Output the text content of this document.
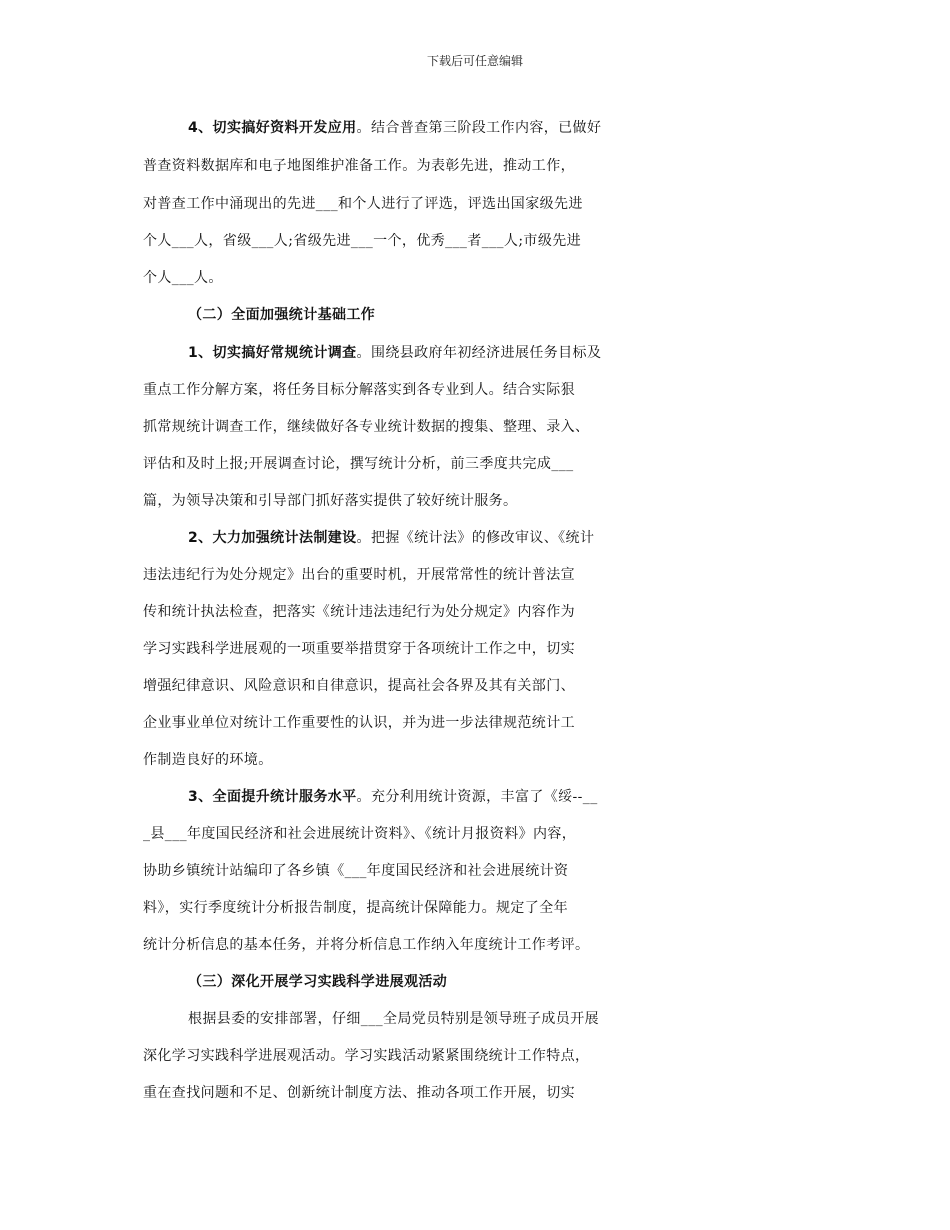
下载后可任意编辑
4、切实搞好资料开发应用。结合普查第三阶段工作内容，已做好
普查资料数据库和电子地图维护准备工作。为表彰先进，推动工作，
对普查工作中涌现出的先进___和个人进行了评选，评选出国家级先进
个人___人，省级___人;省级先进___一个，优秀___者___人;市级先进
个人___人。
（二）全面加强统计基础工作
1、切实搞好常规统计调查。围绕县政府年初经济进展任务目标及
重点工作分解方案，将任务目标分解落实到各专业到人。结合实际狠
抓常规统计调查工作，继续做好各专业统计数据的搜集、整理、录入、
评估和及时上报;开展调查讨论，撰写统计分析，前三季度共完成___
篇，为领导决策和引导部门抓好落实提供了较好统计服务。
2、大力加强统计法制建设。把握《统计法》的修改审议、《统计
违法违纪行为处分规定》出台的重要时机，开展常常性的统计普法宣
传和统计执法检查，把落实《统计违法违纪行为处分规定》内容作为
学习实践科学进展观的一项重要举措贯穿于各项统计工作之中，切实
增强纪律意识、风险意识和自律意识，提高社会各界及其有关部门、
企业事业单位对统计工作重要性的认识，并为进一步法律规范统计工
作制造良好的环境。
3、全面提升统计服务水平。充分利用统计资源，丰富了《绥--__
_县___年度国民经济和社会进展统计资料》、《统计月报资料》内容，
协助乡镇统计站编印了各乡镇《___年度国民经济和社会进展统计资
料》，实行季度统计分析报告制度，提高统计保障能力。规定了全年
统计分析信息的基本任务，并将分析信息工作纳入年度统计工作考评。
（三）深化开展学习实践科学进展观活动
根据县委的安排部署，仔细___全局党员特别是领导班子成员开展
深化学习实践科学进展观活动。学习实践活动紧紧围绕统计工作特点，
重在查找问题和不足、创新统计制度方法、推动各项工作开展，切实
